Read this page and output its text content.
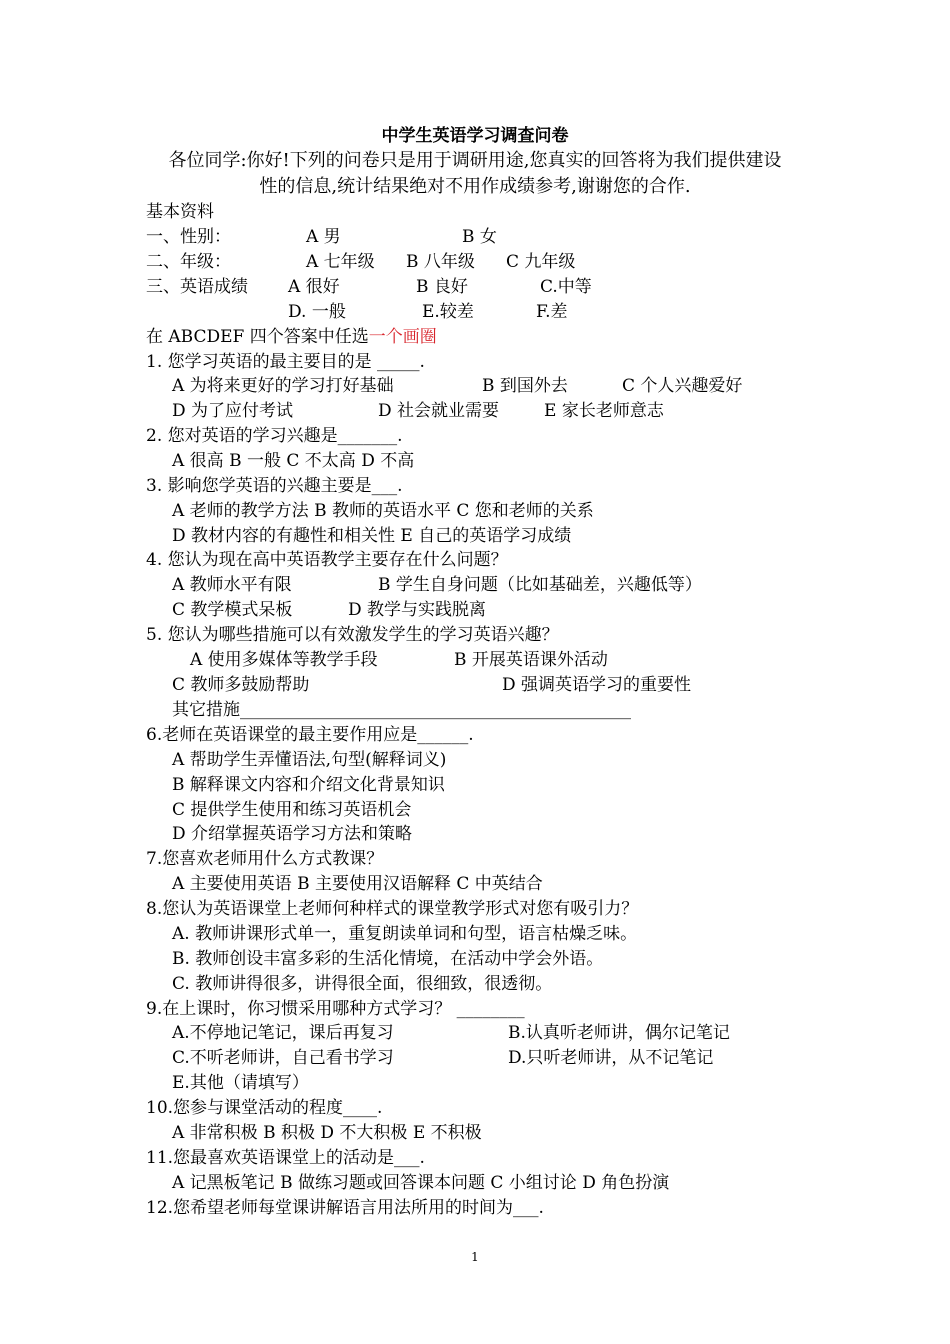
中学生英语学习调查问卷
各位同学:你好!下列的问卷只是用于调研用途,您真实的回答将为我们提供建设
性的信息,统计结果绝对不用作成绩参考,谢谢您的合作.
基本资料
一、性别：	A 男	B 女
二、年级：	A 七年级 B 八年级 C 九年级
三、英语成绩 A 很好	B 良好	C.中等
D. 一般	E.较差	F.差
在 ABCDEF 四个答案中任选一个画圈
1. 您学习英语的最主要目的是 _____.
A 为将来更好的学习打好基础	B 到国外去	C 个人兴趣爱好
D 为了应付考试	D 社会就业需要	E 家长老师意志
2. 您对英语的学习兴趣是_______.
A 很高 B 一般 C 不太高 D 不高
3. 影响您学英语的兴趣主要是___.
A 老师的教学方法 B 教师的英语水平 C 您和老师的关系
D 教材内容的有趣性和相关性 E 自己的英语学习成绩
4. 您认为现在高中英语教学主要存在什么问题？
A 教师水平有限	B 学生自身问题（比如基础差，兴趣低等）
C 教学模式呆板	D 教学与实践脱离
5. 您认为哪些措施可以有效激发学生的学习英语兴趣？
A 使用多媒体等教学手段	B 开展英语课外活动
C 教师多鼓励帮助	D 强调英语学习的重要性
其它措施______________________________________________
6.老师在英语课堂的最主要作用应是______.
A 帮助学生弄懂语法,句型(解释词义)
B 解释课文内容和介绍文化背景知识
C 提供学生使用和练习英语机会
D 介绍掌握英语学习方法和策略
7.您喜欢老师用什么方式教课？
A 主要使用英语 B 主要使用汉语解释 C 中英结合
8.您认为英语课堂上老师何种样式的课堂教学形式对您有吸引力？
A. 教师讲课形式单一，重复朗读单词和句型，语言枯燥乏味。
B. 教师创设丰富多彩的生活化情境，在活动中学会外语。
C. 教师讲得很多，讲得很全面，很细致，很透彻。
9.在上课时，你习惯采用哪种方式学习？ ________
A.不停地记笔记，课后再复习	B.认真听老师讲，偶尔记笔记
C.不听老师讲，自己看书学习	D.只听老师讲，从不记笔记
E.其他（请填写）
10.您参与课堂活动的程度____.
A 非常积极 B 积极 D 不大积极 E 不积极
11.您最喜欢英语课堂上的活动是___.
A 记黑板笔记 B 做练习题或回答课本问题 C 小组讨论 D 角色扮演
12.您希望老师每堂课讲解语言用法所用的时间为___.
1
